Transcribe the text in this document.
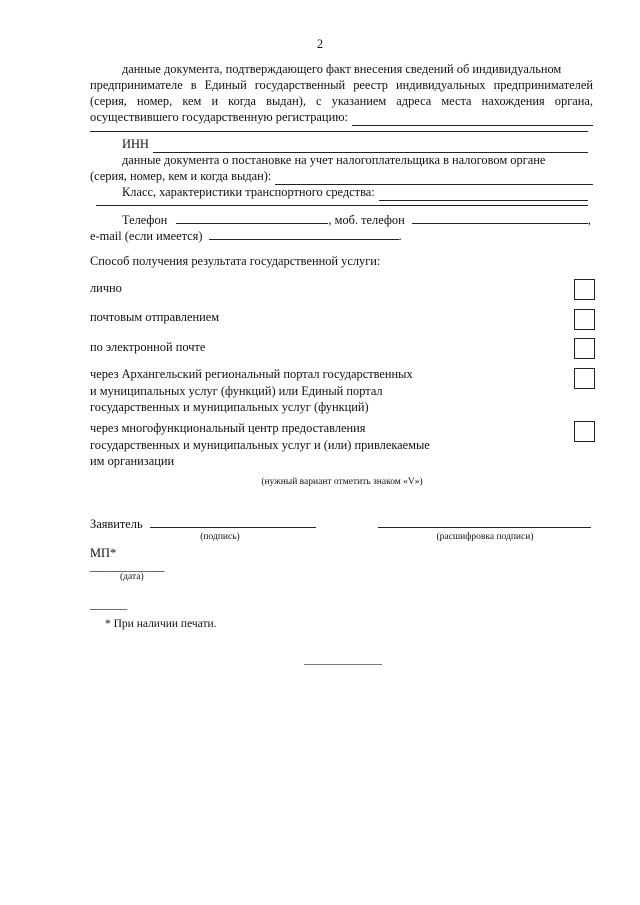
2
данные документа, подтверждающего факт внесения сведений об индивидуальном
предпринимателе в Единый государственный реестр индивидуальных предпринимателей
(серия, номер, кем и когда выдан), с указанием адреса места нахождения органа,
осуществившего государственную регистрацию:
ИНН
данные документа о постановке на учет налогоплательщика в налоговом органе
(серия, номер, кем и когда выдан):
Класс, характеристики транспортного средства:
Телефон	, моб. телефон	,
e-mail (если имеется)	.
Способ получения результата государственной услуги:
лично
почтовым отправлением
по электронной почте
через Архангельский региональный портал государственных
и муниципальных услуг (функций) или Единый портал
государственных и муниципальных услуг (функций)
через многофункциональный центр предоставления
государственных и муниципальных услуг и (или) привлекаемые
им организации
(нужный вариант отметить знаком «V»)
Заявитель
(подпись)	(расшифровка подписи)
МП*
_____________
(дата)
______
* При наличии печати.
